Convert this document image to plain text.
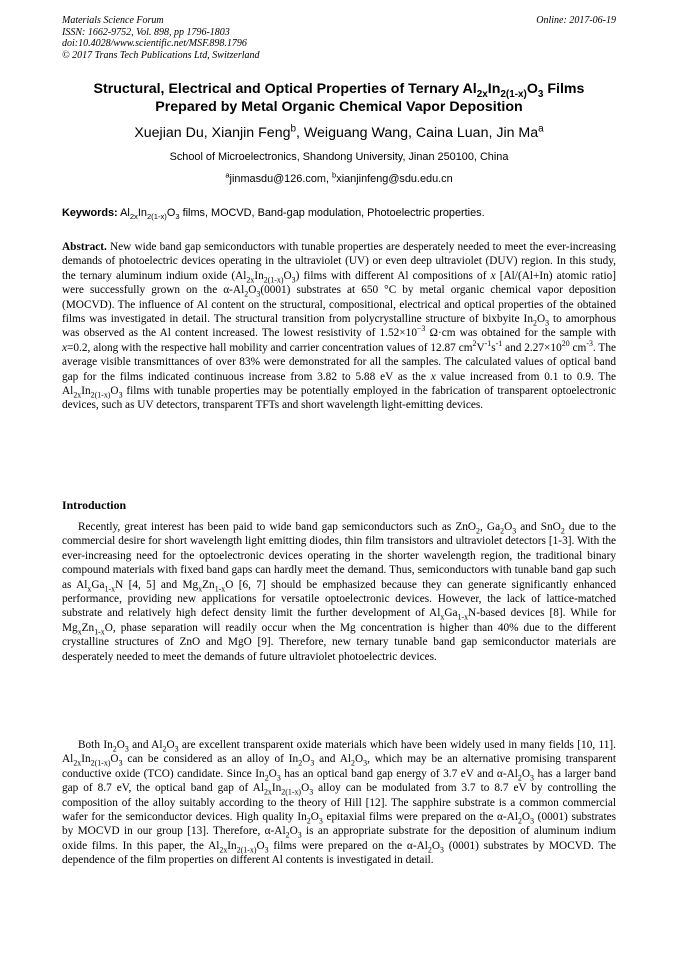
Materials Science Forum
ISSN: 1662-9752, Vol. 898, pp 1796-1803
doi:10.4028/www.scientific.net/MSF.898.1796
© 2017 Trans Tech Publications Ltd, Switzerland
Online: 2017-06-19
Structural, Electrical and Optical Properties of Ternary $Al_{2x}In_{2(1-x)}O_3$ Films
Prepared by Metal Organic Chemical Vapor Deposition
Xuejian Du, Xianjin Feng$^b$, Weiguang Wang, Caina Luan, Jin Ma$^a$
School of Microelectronics, Shandong University, Jinan 250100, China
$^a$jinmasdu@126.com, $^b$xianjinfeng@sdu.edu.cn
Keywords: $Al_{2x}In_{2(1-x)}O_3$ films, MOCVD, Band-gap modulation, Photoelectric properties.
Abstract. New wide band gap semiconductors with tunable properties are desperately needed to meet the ever-increasing demands of photoelectric devices operating in the ultraviolet (UV) or even deep ultraviolet (DUV) region. In this study, the ternary aluminum indium oxide $(Al_{2x}In_{2(1-x)}O_3)$ films with different Al compositions of x [Al/(Al+In) atomic ratio] were successfully grown on the $\alpha-Al_2O_3(0001)$ substrates at 650 °C by metal organic chemical vapor deposition (MOCVD). The influence of Al content on the structural, compositional, electrical and optical properties of the obtained films was investigated in detail. The structural transition from polycrystalline structure of bixbyite $In_2O_3$ to amorphous was observed as the Al content increased. The lowest resistivity of $1.52\times 10^{-3}$ Ω·cm was obtained for the sample with x=0.2, along with the respective hall mobility and carrier concentration values of 12.87 $cm^2V^{-1}s^{-1}$ and $2.27\times 10^{20}$ $cm^{-3}$. The average visible transmittances of over 83% were demonstrated for all the samples. The calculated values of optical band gap for the films indicated continuous increase from 3.82 to 5.88 eV as the x value increased from 0.1 to 0.9. The $Al_{2x}In_{2(1-x)}O_3$ films with tunable properties may be potentially employed in the fabrication of transparent optoelectronic devices, such as UV detectors, transparent TFTs and short wavelength light-emitting devices.
Introduction
Recently, great interest has been paid to wide band gap semiconductors such as ZnO$_2$, $Ga_2O_3$ and SnO$_2$ due to the commercial desire for short wavelength light emitting diodes, thin film transistors and ultraviolet detectors [1-3]. With the ever-increasing need for the optoelectronic devices operating in the shorter wavelength region, the traditional binary compound materials with fixed band gaps can hardly meet the demand. Thus, semiconductors with tunable band gap such as $Al_xGa_{1-x}N$ [4, 5] and $Mg_xZn_{1-x}O$ [6, 7] should be emphasized because they can generate significantly enhanced performance, providing new applications for versatile optoelectronic devices. However, the lack of lattice-matched substrate and relatively high defect density limit the further development of $Al_xGa_{1-x}N$-based devices [8]. While for $Mg_xZn_{1-x}O$, phase separation will readily occur when the Mg concentration is higher than 40% due to the different crystalline structures of ZnO and MgO [9]. Therefore, new ternary tunable band gap semiconductor materials are desperately needed to meet the demands of future ultraviolet photoelectric devices.
Both $In_2O_3$ and $Al_2O_3$ are excellent transparent oxide materials which have been widely used in many fields [10, 11]. $Al_{2x}In_{2(1-x)}O_3$ can be considered as an alloy of $In_2O_3$ and $Al_2O_3$, which may be an alternative promising transparent conductive oxide (TCO) candidate. Since $In_2O_3$ has an optical band gap energy of 3.7 eV and $\alpha-Al_2O_3$ has a larger band gap of 8.7 eV, the optical band gap of $Al_{2x}In_{2(1-x)}O_3$ alloy can be modulated from 3.7 to 8.7 eV by controlling the composition of the alloy suitably according to the theory of Hill [12]. The sapphire substrate is a common commercial wafer for the semiconductor devices. High quality $In_2O_3$ epitaxial films were prepared on the $\alpha-Al_2O_3$ (0001) substrates by MOCVD in our group [13]. Therefore, $\alpha-Al_2O_3$ is an appropriate substrate for the deposition of aluminum indium oxide films. In this paper, the $Al_{2x}In_{2(1-x)}O_3$ films were prepared on the $\alpha-Al_2O_3$ (0001) substrates by MOCVD. The dependence of the film properties on different Al contents is investigated in detail.
